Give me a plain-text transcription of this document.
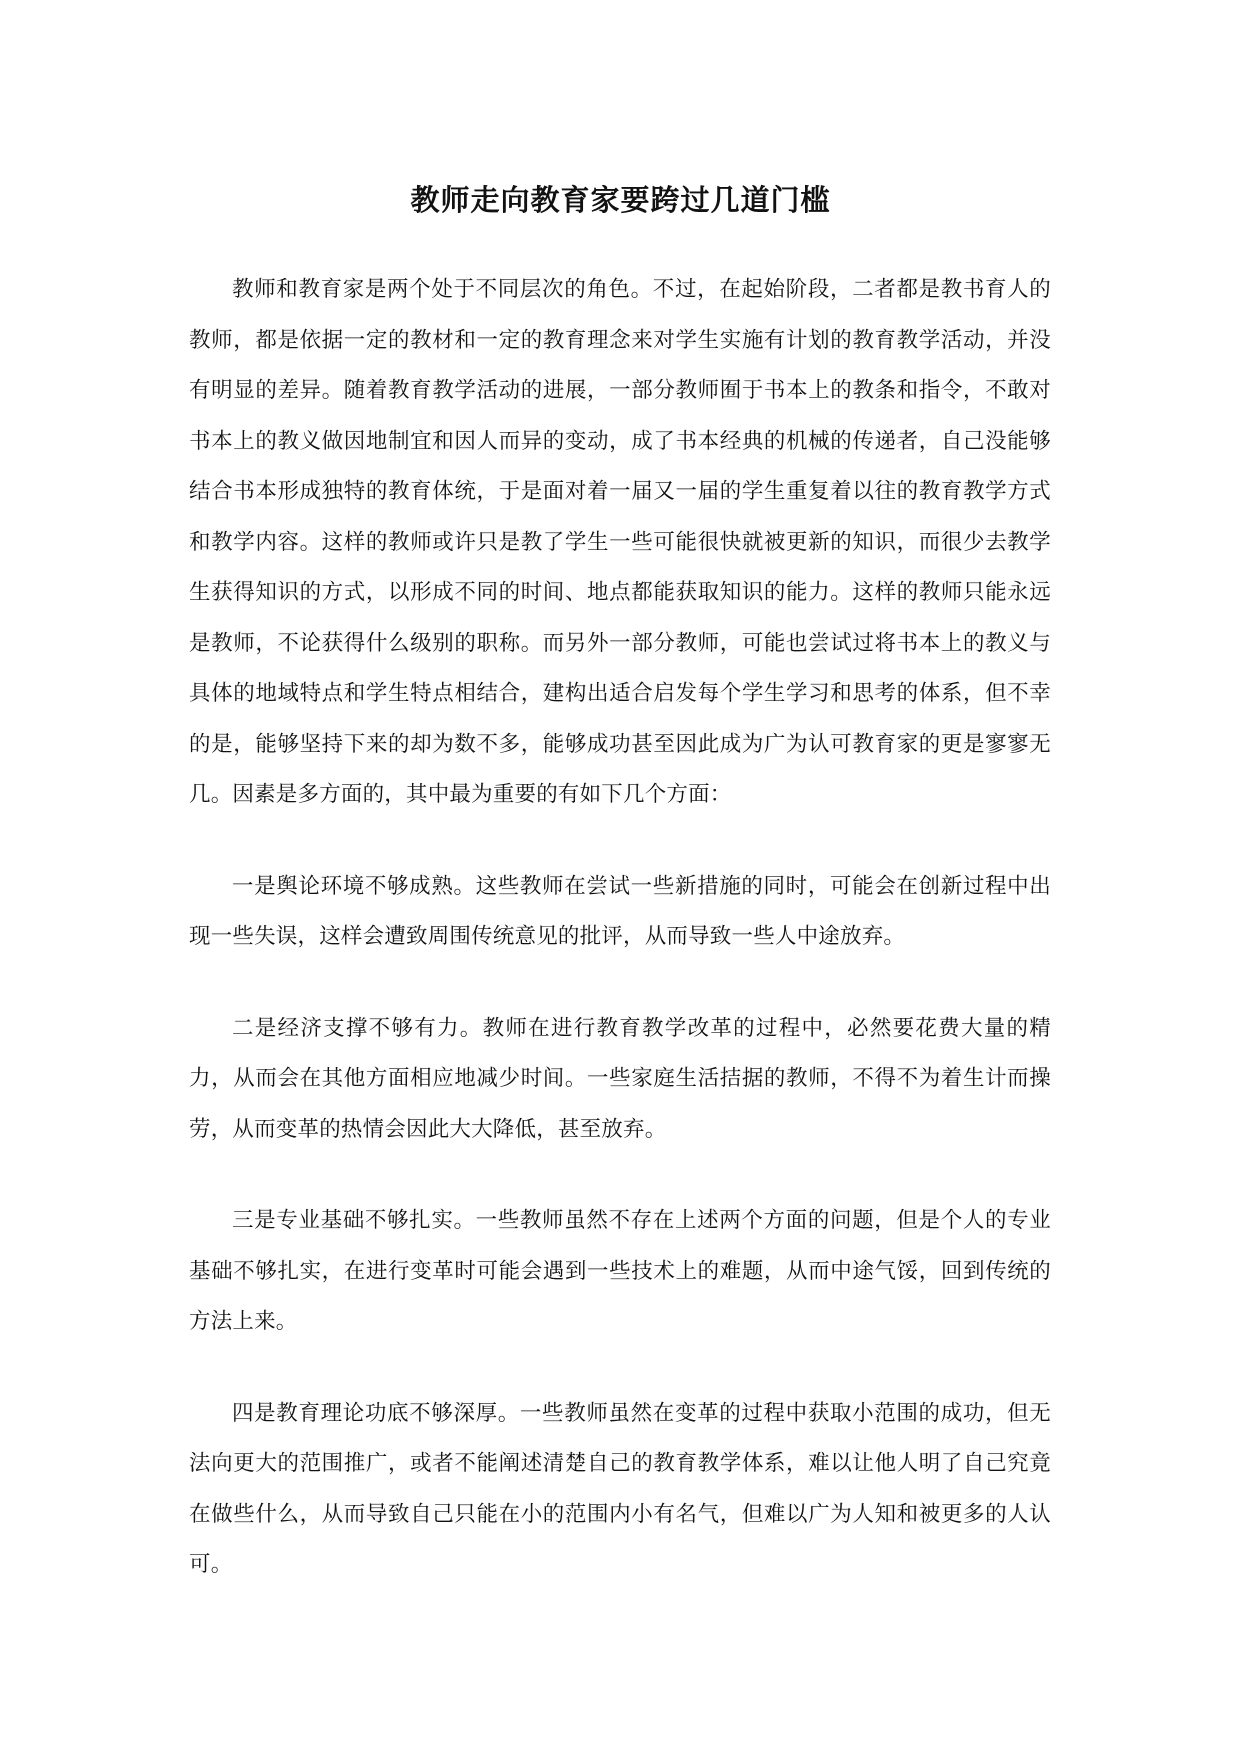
教师走向教育家要跨过几道门槛

教师和教育家是两个处于不同层次的角色。不过，在起始阶段，二者都是教书育人的教师，都是依据一定的教材和一定的教育理念来对学生实施有计划的教育教学活动，并没有明显的差异。随着教育教学活动的进展，一部分教师囿于书本上的教条和指令，不敢对书本上的教义做因地制宜和因人而异的变动，成了书本经典的机械的传递者，自己没能够结合书本形成独特的教育体统，于是面对着一届又一届的学生重复着以往的教育教学方式和教学内容。这样的教师或许只是教了学生一些可能很快就被更新的知识，而很少去教学生获得知识的方式，以形成不同的时间、地点都能获取知识的能力。这样的教师只能永远是教师，不论获得什么级别的职称。而另外一部分教师，可能也尝试过将书本上的教义与具体的地域特点和学生特点相结合，建构出适合启发每个学生学习和思考的体系，但不幸的是，能够坚持下来的却为数不多，能够成功甚至因此成为广为认可教育家的更是寥寥无几。因素是多方面的，其中最为重要的有如下几个方面：

一是舆论环境不够成熟。这些教师在尝试一些新措施的同时，可能会在创新过程中出现一些失误，这样会遭致周围传统意见的批评，从而导致一些人中途放弃。

二是经济支撑不够有力。教师在进行教育教学改革的过程中，必然要花费大量的精力，从而会在其他方面相应地减少时间。一些家庭生活拮据的教师，不得不为着生计而操劳，从而变革的热情会因此大大降低，甚至放弃。

三是专业基础不够扎实。一些教师虽然不存在上述两个方面的问题，但是个人的专业基础不够扎实，在进行变革时可能会遇到一些技术上的难题，从而中途气馁，回到传统的方法上来。

四是教育理论功底不够深厚。一些教师虽然在变革的过程中获取小范围的成功，但无法向更大的范围推广，或者不能阐述清楚自己的教育教学体系，难以让他人明了自己究竟在做些什么，从而导致自己只能在小的范围内小有名气，但难以广为人知和被更多的人认可。
